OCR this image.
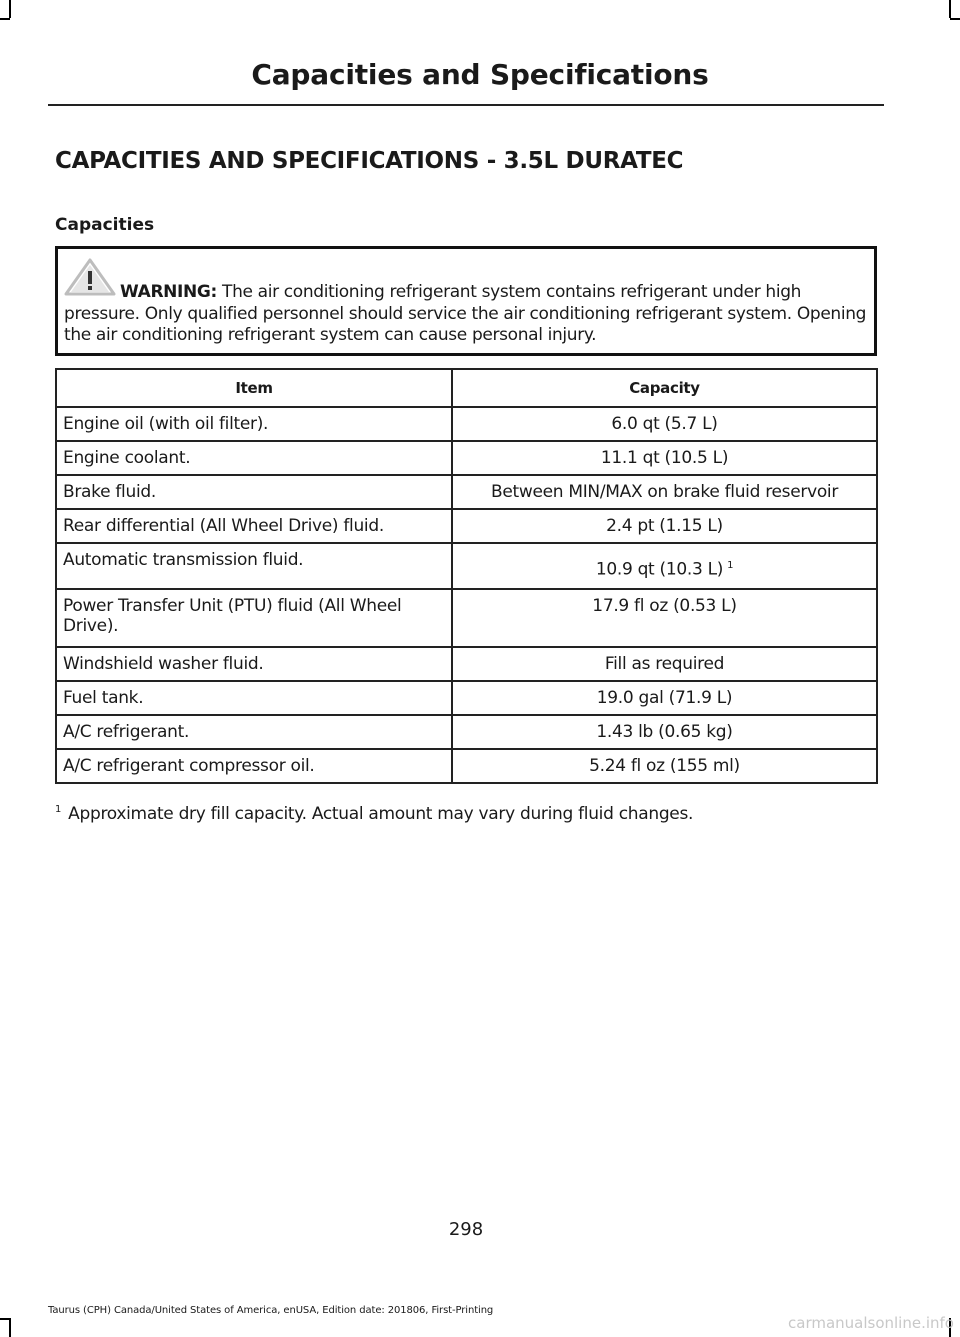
Capacities and Specifications
CAPACITIES AND SPECIFICATIONS - 3.5L DURATEC
Capacities
WARNING: The air conditioning refrigerant system contains refrigerant under high pressure. Only qualified personnel should service the air conditioning refrigerant system. Opening the air conditioning refrigerant system can cause personal injury.
Item	Capacity
Engine oil (with oil filter).	6.0 qt (5.7 L)
Engine coolant.	11.1 qt (10.5 L)
Brake fluid.	Between MIN/MAX on brake fluid reservoir
Rear differential (All Wheel Drive) fluid.	2.4 pt (1.15 L)
Automatic transmission fluid.	10.9 qt (10.3 L) $^1$
Power Transfer Unit (PTU) fluid (All Wheel Drive).	17.9 fl oz (0.53 L)
Windshield washer fluid.	Fill as required
Fuel tank.	19.0 gal (71.9 L)
A/C refrigerant.	1.43 lb (0.65 kg)
A/C refrigerant compressor oil.	5.24 fl oz (155 ml)
$^1$ Approximate dry fill capacity. Actual amount may vary during fluid changes.
298
Taurus (CPH) Canada/United States of America, enUSA, Edition date: 201806, First-Printing
carmanualsonline.info
